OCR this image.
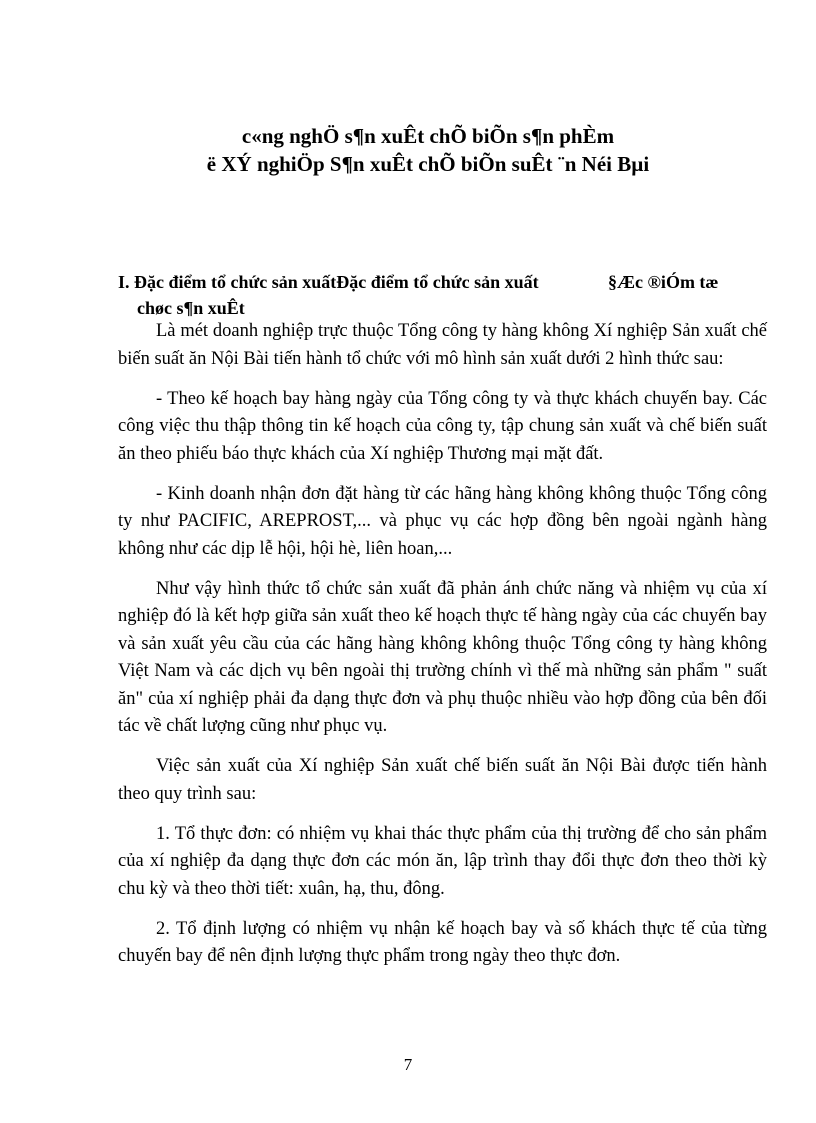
c«ng nghÖ s¶n xuÊt chÕ biÕn s¶n phÈm
ë XÝ nghiÖp S¶n xuÊt chÕ biÕn suÊt ¨n Néi Bµi
I. Đặc điểm tổ chức sản xuấtĐặc điểm tổ chức sản xuất	§Æc ®iÓm tæ
chøc s¶n xuÊt

Là mét doanh nghiệp trực thuộc Tổng công ty hàng không Xí nghiệp Sản xuất chế biến suất ăn Nội Bài tiến hành tổ chức với mô hình sản xuất dưới 2 hình thức sau:

- Theo kế hoạch bay hàng ngày của Tổng công ty và thực khách chuyến bay. Các công việc thu thập thông tin kế hoạch của công ty, tập chung sản xuất và chế biến suất ăn theo phiếu báo thực khách của Xí nghiệp Thương mại mặt đất.

- Kinh doanh nhận đơn đặt hàng từ các hãng hàng không không thuộc Tổng công ty như PACIFIC, AREPROST,... và phục vụ các hợp đồng bên ngoài ngành hàng không như các dịp lễ hội, hội hè, liên hoan,...

Như vậy hình thức tổ chức sản xuất đã phản ánh chức năng và nhiệm vụ của xí nghiệp đó là kết hợp giữa sản xuất theo kế hoạch thực tế hàng ngày của các chuyến bay và sản xuất yêu cầu của các hãng hàng không không thuộc Tổng công ty hàng không Việt Nam và các dịch vụ bên ngoài thị trường chính vì thế mà những sản phẩm " suất ăn" của xí nghiệp phải đa dạng thực đơn và phụ thuộc nhiều vào hợp đồng của bên đối tác về chất lượng cũng như phục vụ.

Việc sản xuất của Xí nghiệp Sản xuất chế biến suất ăn Nội Bài được tiến hành theo quy trình sau:

1. Tổ thực đơn: có nhiệm vụ khai thác thực phẩm của thị trường để cho sản phẩm của xí nghiệp đa dạng thực đơn các món ăn, lập trình thay đổi thực đơn theo thời kỳ chu kỳ và theo thời tiết: xuân, hạ, thu, đông.

2. Tổ định lượng có nhiệm vụ nhận kế hoạch bay và số khách thực tế của từng chuyến bay để nên định lượng thực phẩm trong ngày theo thực đơn.

7
